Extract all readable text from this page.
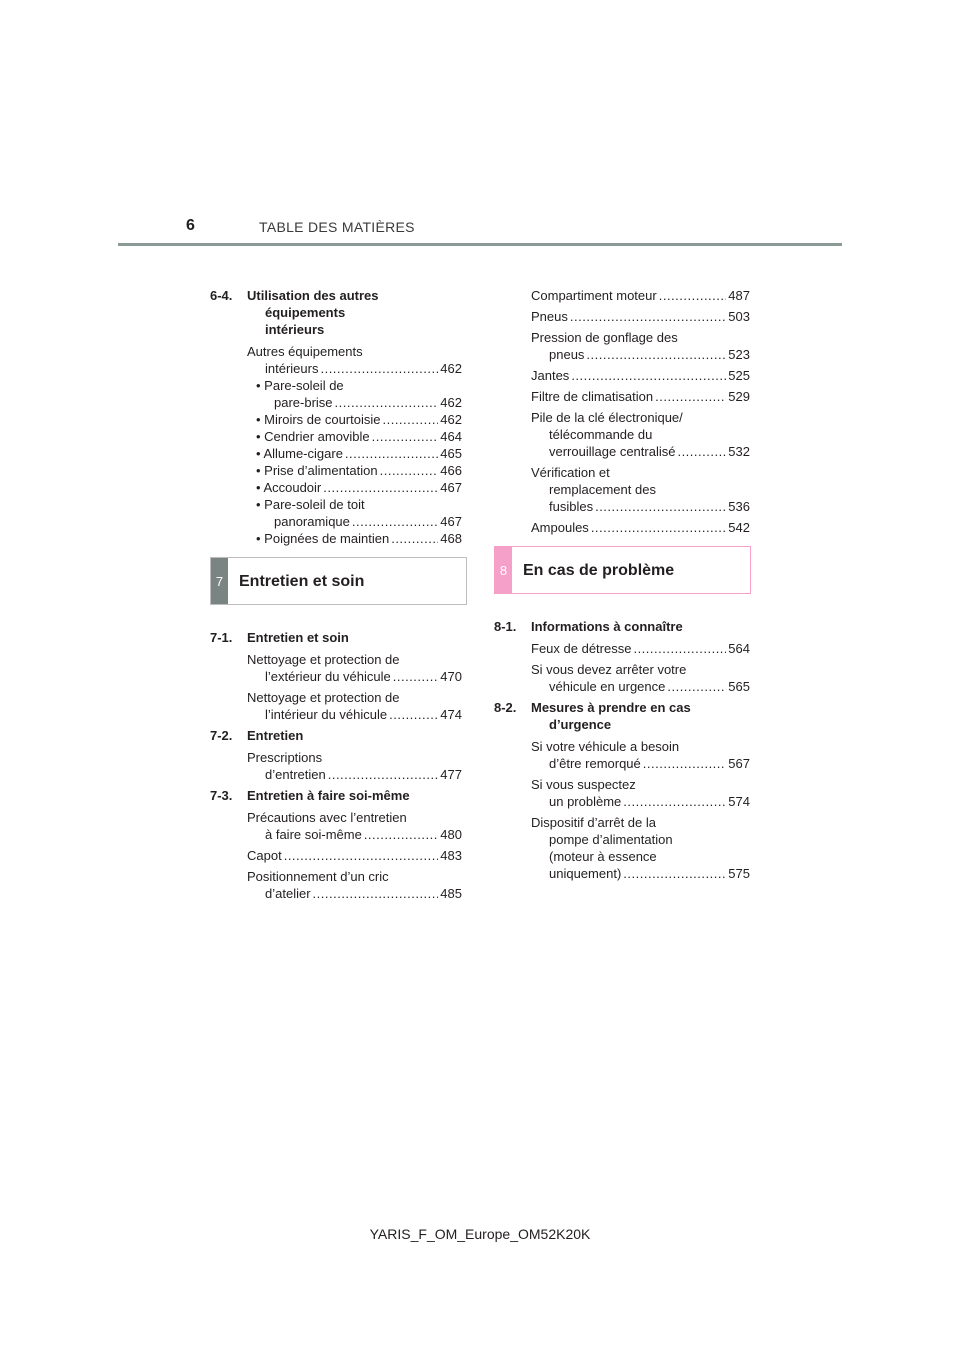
6	TABLE DES MATIÈRES
6-4. Utilisation des autres
équipements
intérieurs
Autres équipements
intérieurs .....	462
• Pare-soleil de
pare-brise .....	462
• Miroirs de courtoisie .....	462
• Cendrier amovible .....	464
• Allume-cigare .....	465
• Prise d’alimentation .....	466
• Accoudoir .....	467
• Pare-soleil de toit
panoramique .....	467
• Poignées de maintien .....	468
7 Entretien et soin
7-1. Entretien et soin
Nettoyage et protection de
l’extérieur du véhicule .....	470
Nettoyage et protection de
l’intérieur du véhicule .....	474
7-2. Entretien
Prescriptions
d’entretien .....	477
7-3. Entretien à faire soi-même
Précautions avec l’entretien
à faire soi-même .....	480
Capot .....	483
Positionnement d’un cric
d’atelier .....	485
Compartiment moteur .....	487
Pneus .....	503
Pression de gonflage des
pneus .....	523
Jantes .....	525
Filtre de climatisation .....	529
Pile de la clé électronique/
télécommande du
verrouillage centralisé .....	532
Vérification et
remplacement des
fusibles .....	536
Ampoules .....	542
8 En cas de problème
8-1. Informations à connaître
Feux de détresse .....	564
Si vous devez arrêter votre
véhicule en urgence .....	565
8-2. Mesures à prendre en cas
d’urgence
Si votre véhicule a besoin
d’être remorqué .....	567
Si vous suspectez
un problème .....	574
Dispositif d’arrêt de la
pompe d’alimentation
(moteur à essence
uniquement) .....	575
YARIS_F_OM_Europe_OM52K20K
